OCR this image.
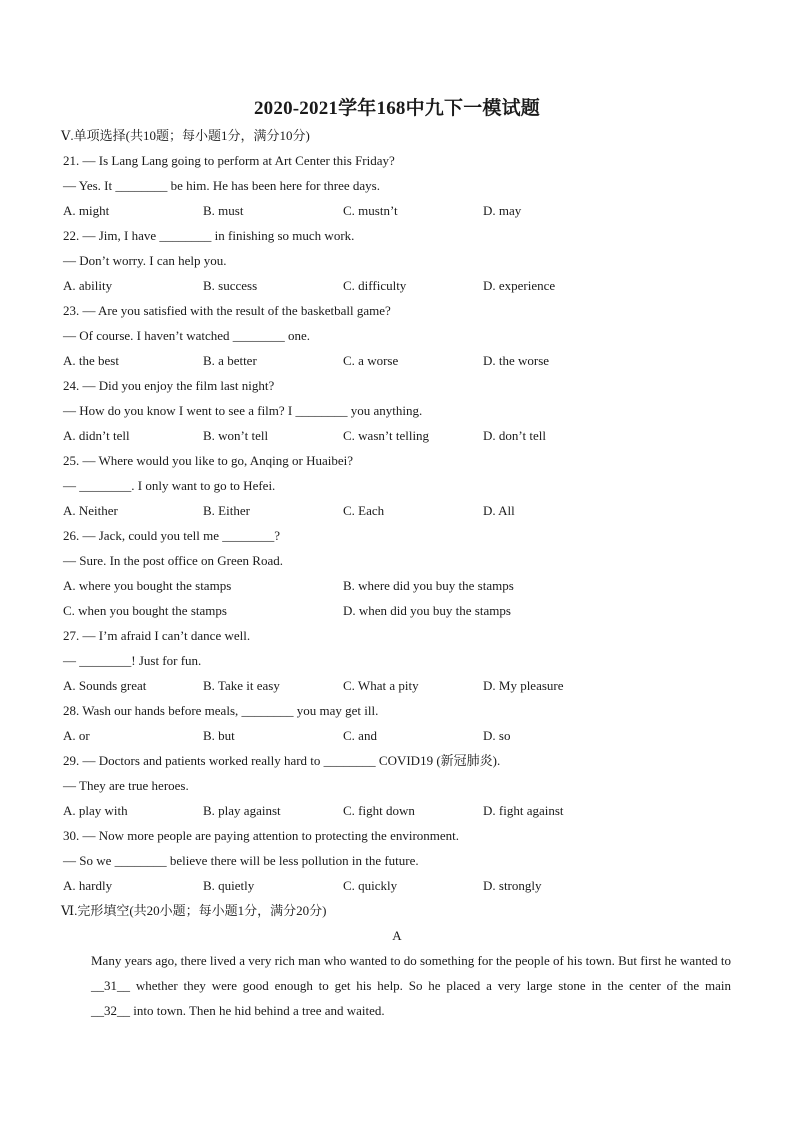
2020-2021学年168中九下一模试题
Ⅴ.单项选择(共10题；每小题1分，满分10分)
21. — Is Lang Lang going to perform at Art Center this Friday?
— Yes. It ________ be him. He has been here for three days.
A. might	B. must	C. mustn’t	D. may
22. — Jim, I have ________ in finishing so much work.
— Don’t worry. I can help you.
A. ability	B. success	C. difficulty	D. experience
23. — Are you satisfied with the result of the basketball game?
— Of course. I haven’t watched ________ one.
A. the best	B. a better	C. a worse	D. the worse
24. — Did you enjoy the film last night?
— How do you know I went to see a film? I ________ you anything.
A. didn’t tell	B. won’t tell	C. wasn’t telling	D. don’t tell
25. — Where would you like to go, Anqing or Huaibei?
— ________. I only want to go to Hefei.
A. Neither	B. Either	C. Each	D. All
26. — Jack, could you tell me ________?
— Sure. In the post office on Green Road.
A. where you bought the stamps	B. where did you buy the stamps
C. when you bought the stamps	D. when did you buy the stamps
27. — I’m afraid I can’t dance well.
— ________! Just for fun.
A. Sounds great	B. Take it easy	C. What a pity	D. My pleasure
28. Wash our hands before meals, ________ you may get ill.
A. or	B. but	C. and	D. so
29. — Doctors and patients worked really hard to ________ COVID19 (新冠肺炎).
— They are true heroes.
A. play with	B. play against	C. fight down	D. fight against
30. — Now more people are paying attention to protecting the environment.
— So we ________ believe there will be less pollution in the future.
A. hardly	B. quietly	C. quickly	D. strongly
Ⅵ.完形填空(共20小题；每小题1分，满分20分)
A

Many years ago, there lived a very rich man who wanted to do something for the people of his town. But first he wanted to __31__ whether they were good enough to get his help. So he placed a very large stone in the center of the main __32__ into town. Then he hid behind a tree and waited.
